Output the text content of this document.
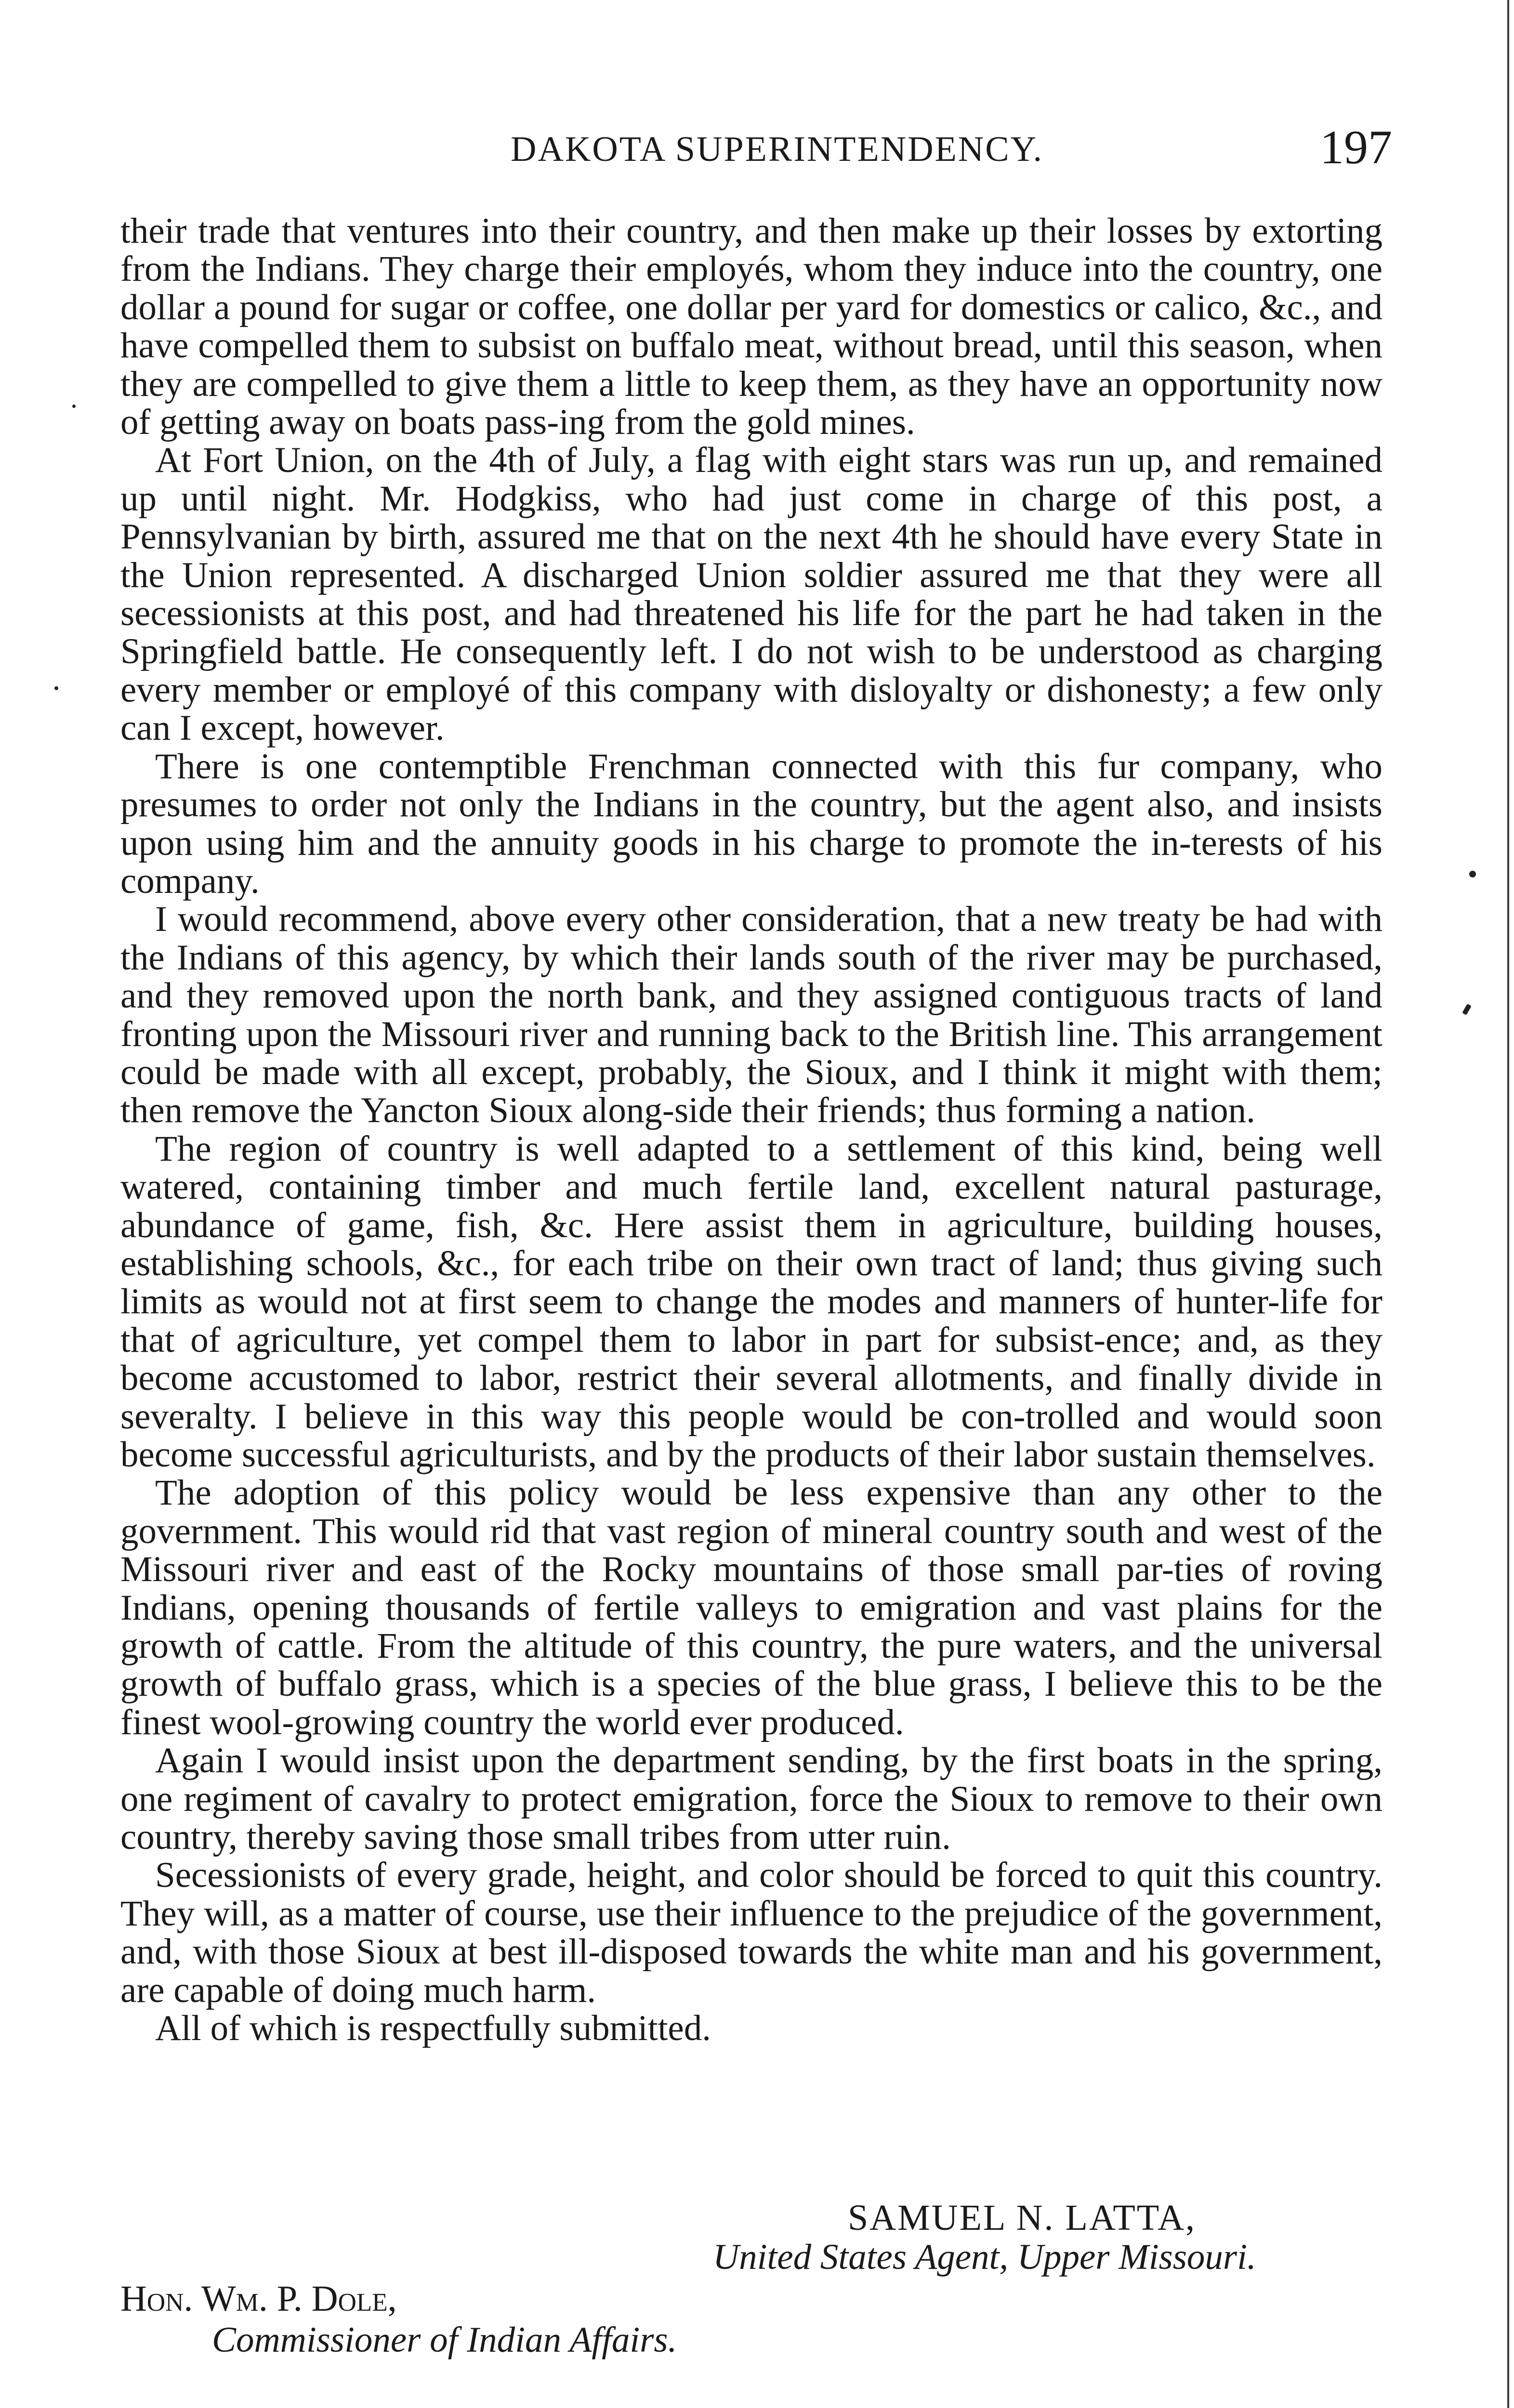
DAKOTA SUPERINTENDENCY.	197

their trade that ventures into their country, and then make up their losses by extorting from the Indians. They charge their employés, whom they induce into the country, one dollar a pound for sugar or coffee, one dollar per yard for domestics or calico, &c., and have compelled them to subsist on buffalo meat, without bread, until this season, when they are compelled to give them a little to keep them, as they have an opportunity now of getting away on boats pass-ing from the gold mines.

At Fort Union, on the 4th of July, a flag with eight stars was run up, and remained up until night. Mr. Hodgkiss, who had just come in charge of this post, a Pennsylvanian by birth, assured me that on the next 4th he should have every State in the Union represented. A discharged Union soldier assured me that they were all secessionists at this post, and had threatened his life for the part he had taken in the Springfield battle. He consequently left. I do not wish to be understood as charging every member or employé of this company with disloyalty or dishonesty; a few only can I except, however.

There is one contemptible Frenchman connected with this fur company, who presumes to order not only the Indians in the country, but the agent also, and insists upon using him and the annuity goods in his charge to promote the in-terests of his company.

I would recommend, above every other consideration, that a new treaty be had with the Indians of this agency, by which their lands south of the river may be purchased, and they removed upon the north bank, and they assigned contiguous tracts of land fronting upon the Missouri river and running back to the British line. This arrangement could be made with all except, probably, the Sioux, and I think it might with them; then remove the Yancton Sioux along-side their friends; thus forming a nation.

The region of country is well adapted to a settlement of this kind, being well watered, containing timber and much fertile land, excellent natural pasturage, abundance of game, fish, &c. Here assist them in agriculture, building houses, establishing schools, &c., for each tribe on their own tract of land; thus giving such limits as would not at first seem to change the modes and manners of hunter-life for that of agriculture, yet compel them to labor in part for subsist-ence; and, as they become accustomed to labor, restrict their several allotments, and finally divide in severalty. I believe in this way this people would be con-trolled and would soon become successful agriculturists, and by the products of their labor sustain themselves.

The adoption of this policy would be less expensive than any other to the government. This would rid that vast region of mineral country south and west of the Missouri river and east of the Rocky mountains of those small par-ties of roving Indians, opening thousands of fertile valleys to emigration and vast plains for the growth of cattle. From the altitude of this country, the pure waters, and the universal growth of buffalo grass, which is a species of the blue grass, I believe this to be the finest wool-growing country the world ever produced.

Again I would insist upon the department sending, by the first boats in the spring, one regiment of cavalry to protect emigration, force the Sioux to remove to their own country, thereby saving those small tribes from utter ruin.

Secessionists of every grade, height, and color should be forced to quit this country. They will, as a matter of course, use their influence to the prejudice of the government, and, with those Sioux at best ill-disposed towards the white man and his government, are capable of doing much harm.

All of which is respectfully submitted.

SAMUEL N. LATTA,
United States Agent, Upper Missouri.
Hon. Wm. P. Dole,
Commissioner of Indian Affairs.
